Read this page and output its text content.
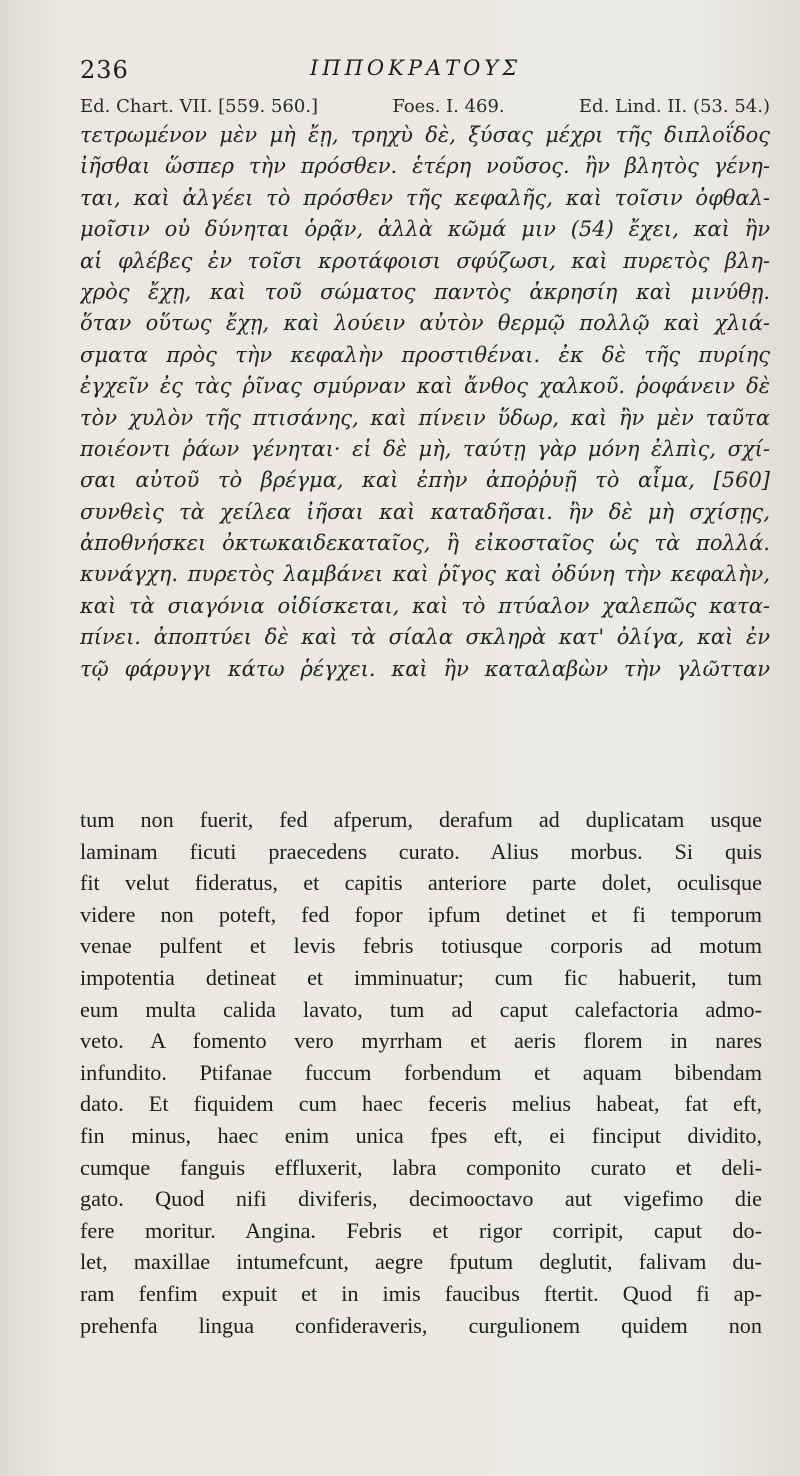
236	ΙΠΠΟΚΡΑΤΟΥΣ
Ed. Chart. VII. [559. 560.]	Foes. I. 469.	Ed. Lind. II. (53. 54.)
τετρωμένον μὲν μὴ ἔῃ, τρηχὺ δὲ, ξύσας μέχρι τῆς διπλοΐδος
ἰῆσθαι ὥσπερ τὴν πρόσθεν. ἑτέρη νοῦσος. ἢν βλητὸς γένη-
ται, καὶ ἀλγέει τὸ πρόσθεν τῆς κεφαλῆς, καὶ τοῖσιν ὀφθαλ-
μοῖσιν οὐ δύνηται ὁρᾷν, ἀλλὰ κῶμά μιν (54) ἔχει, καὶ ἢν
αἱ φλέβες ἐν τοῖσι κροτάφοισι σφύζωσι, καὶ πυρετὸς βλη-
χρὸς ἔχῃ, καὶ τοῦ σώματος παντὸς ἀκρησίη καὶ μινύθῃ.
ὅταν οὕτως ἔχῃ, καὶ λούειν αὐτὸν θερμῷ πολλῷ καὶ χλιά-
σματα πρὸς τὴν κεφαλὴν προστιθέναι. ἐκ δὲ τῆς πυρίης
ἐγχεῖν ἐς τὰς ῥῖνας σμύρναν καὶ ἄνθος χαλκοῦ. ῥοφάνειν δὲ
τὸν χυλὸν τῆς πτισάνης, καὶ πίνειν ὕδωρ, καὶ ἢν μὲν ταῦτα
ποιέοντι ῥάων γένηται· εἰ δὲ μὴ, ταύτῃ γὰρ μόνη ἐλπὶς, σχί-
σαι αὐτοῦ τὸ βρέγμα, καὶ ἐπὴν ἀποῤῥυῇ τὸ αἷμα, [560]
συνθεὶς τὰ χείλεα ἰῆσαι καὶ καταδῆσαι. ἢν δὲ μὴ σχίσῃς,
ἀποθνήσκει ὀκτωκαιδεκαταῖος, ἢ εἰκοσταῖος ὡς τὰ πολλά.
κυνάγχη. πυρετὸς λαμβάνει καὶ ῥῖγος καὶ ὀδύνη τὴν κεφαλὴν,
καὶ τὰ σιαγόνια οἰδίσκεται, καὶ τὸ πτύαλον χαλεπῶς κατα-
πίνει. ἀποπτύει δὲ καὶ τὰ σίαλα σκληρὰ κατ' ὀλίγα, καὶ ἐν
τῷ φάρυγγι κάτω ῥέγχει. καὶ ἢν καταλαβὼν τὴν γλῶτταν
tum non fuerit, fed afperum, derafum ad duplicatam usque
laminam ficuti praecedens curato. Alius morbus. Si quis
fit velut fideratus, et capitis anteriore parte dolet, oculisque
videre non poteft, fed fopor ipfum detinet et fi temporum
venae pulfent et levis febris totiusque corporis ad motum
impotentia detineat et imminuatur; cum fic habuerit, tum
eum multa calida lavato, tum ad caput calefactoria admo-
veto. A fomento vero myrrham et aeris florem in nares
infundito. Ptifanae fuccum forbendum et aquam bibendam
dato. Et fiquidem cum haec feceris melius habeat, fat eft,
fin minus, haec enim unica fpes eft, ei finciput dividito,
cumque fanguis effluxerit, labra componito curato et deli-
gato. Quod nifi diviferis, decimooctavo aut vigefimo die
fere moritur. Angina. Febris et rigor corripit, caput do-
let, maxillae intumefcunt, aegre fputum deglutit, falivam du-
ram fenfim expuit et in imis faucibus ftertit. Quod fi ap-
prehenfa lingua confideraveris, curgulionem quidem non
